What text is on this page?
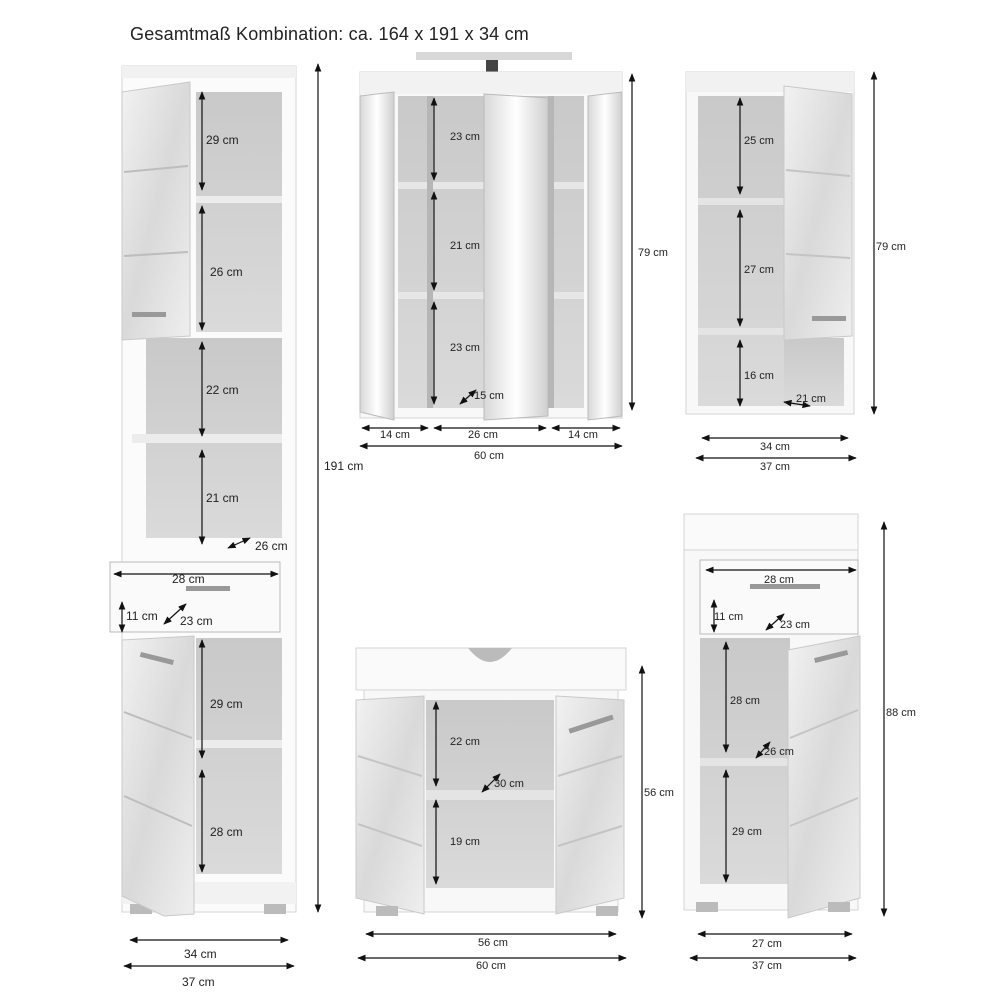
Gesamtmaß Kombination: ca. 164 x 191 x 34 cm
29 cm
26 cm
22 cm
21 cm
26 cm
28 cm
11 cm 23 cm
29 cm
28 cm
191 cm
34 cm
37 cm
23 cm
21 cm
23 cm
15 cm
14 cm	26 cm	14 cm
60 cm
79 cm
25 cm
27 cm
16 cm
21 cm
34 cm
37 cm
79 cm
22 cm
30 cm
19 cm
56 cm
60 cm
56 cm
28 cm
11 cm
23 cm
28 cm
26 cm
29 cm
27 cm
37 cm
88 cm
